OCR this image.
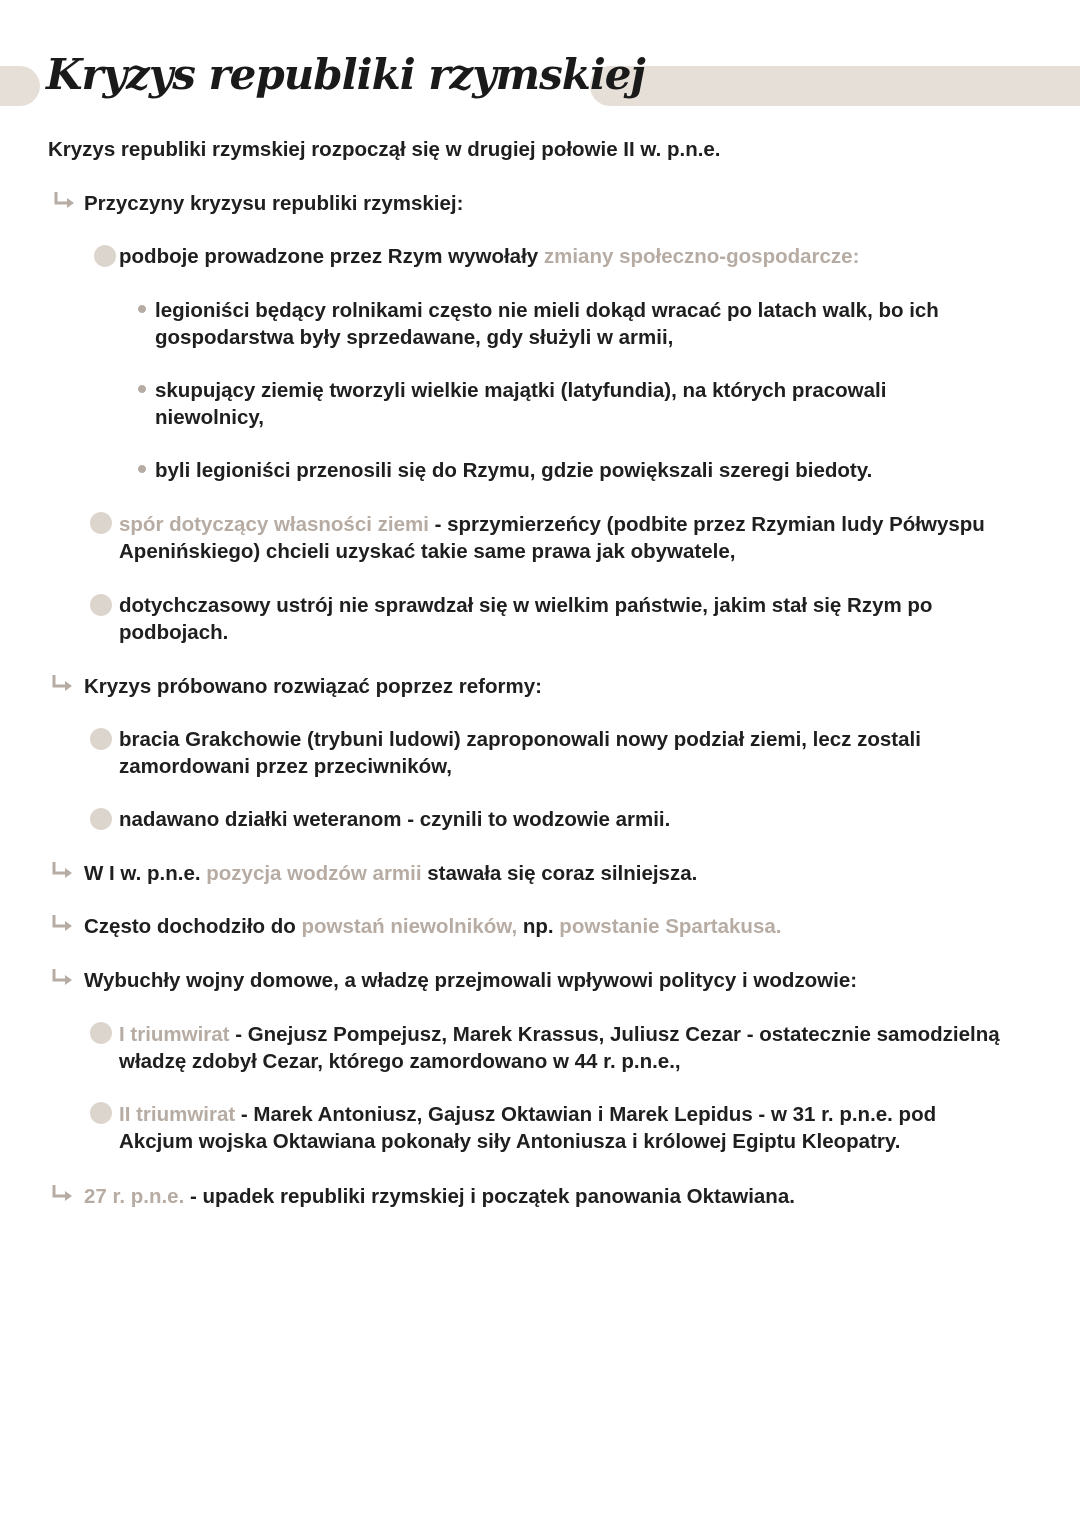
Kryzys republiki rzymskiej
Kryzys republiki rzymskiej rozpoczął się w drugiej połowie II w. p.n.e.
Przyczyny kryzysu republiki rzymskiej:
podboje prowadzone przez Rzym wywołały zmiany społeczno-gospodarcze:
legioniści będący rolnikami często nie mieli dokąd wracać po latach walk, bo ich
gospodarstwa były sprzedawane, gdy służyli w armii,
skupujący ziemię tworzyli wielkie majątki (latyfundia), na których pracowali
niewolnicy,
byli legioniści przenosili się do Rzymu, gdzie powiększali szeregi biedoty.
spór dotyczący własności ziemi - sprzymierzeńcy (podbite przez Rzymian ludy Półwyspu
Apenińskiego) chcieli uzyskać takie same prawa jak obywatele,
dotychczasowy ustrój nie sprawdzał się w wielkim państwie, jakim stał się Rzym po
podbojach.
Kryzys próbowano rozwiązać poprzez reformy:
bracia Grakchowie (trybuni ludowi) zaproponowali nowy podział ziemi, lecz zostali
zamordowani przez przeciwników,
nadawano działki weteranom - czynili to wodzowie armii.
W I w. p.n.e. pozycja wodzów armii stawała się coraz silniejsza.
Często dochodziło do powstań niewolników, np. powstanie Spartakusa.
Wybuchły wojny domowe, a władzę przejmowali wpływowi politycy i wodzowie:
I triumwirat - Gnejusz Pompejusz, Marek Krassus, Juliusz Cezar - ostatecznie samodzielną
władzę zdobył Cezar, którego zamordowano w 44 r. p.n.e.,
II triumwirat - Marek Antoniusz, Gajusz Oktawian i Marek Lepidus - w 31 r. p.n.e. pod
Akcjum wojska Oktawiana pokonały siły Antoniusza i królowej Egiptu Kleopatry.
27 r. p.n.e. - upadek republiki rzymskiej i początek panowania Oktawiana.
